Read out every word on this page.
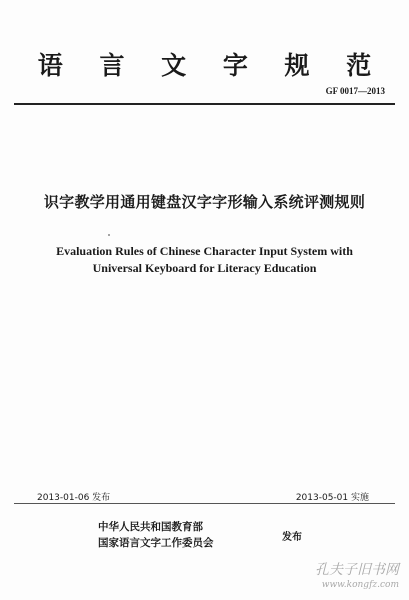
语 言 文 字 规 范
GF 0017—2013
识字教学用通用键盘汉字字形输入系统评测规则
Evaluation Rules of Chinese Character Input System with
Universal Keyboard for Literacy Education
2013-01-06 发布	2013-05-01 实施
中华人民共和国教育部
国家语言文字工作委员会	发布
孔夫子旧书网
www.kongfz.com
